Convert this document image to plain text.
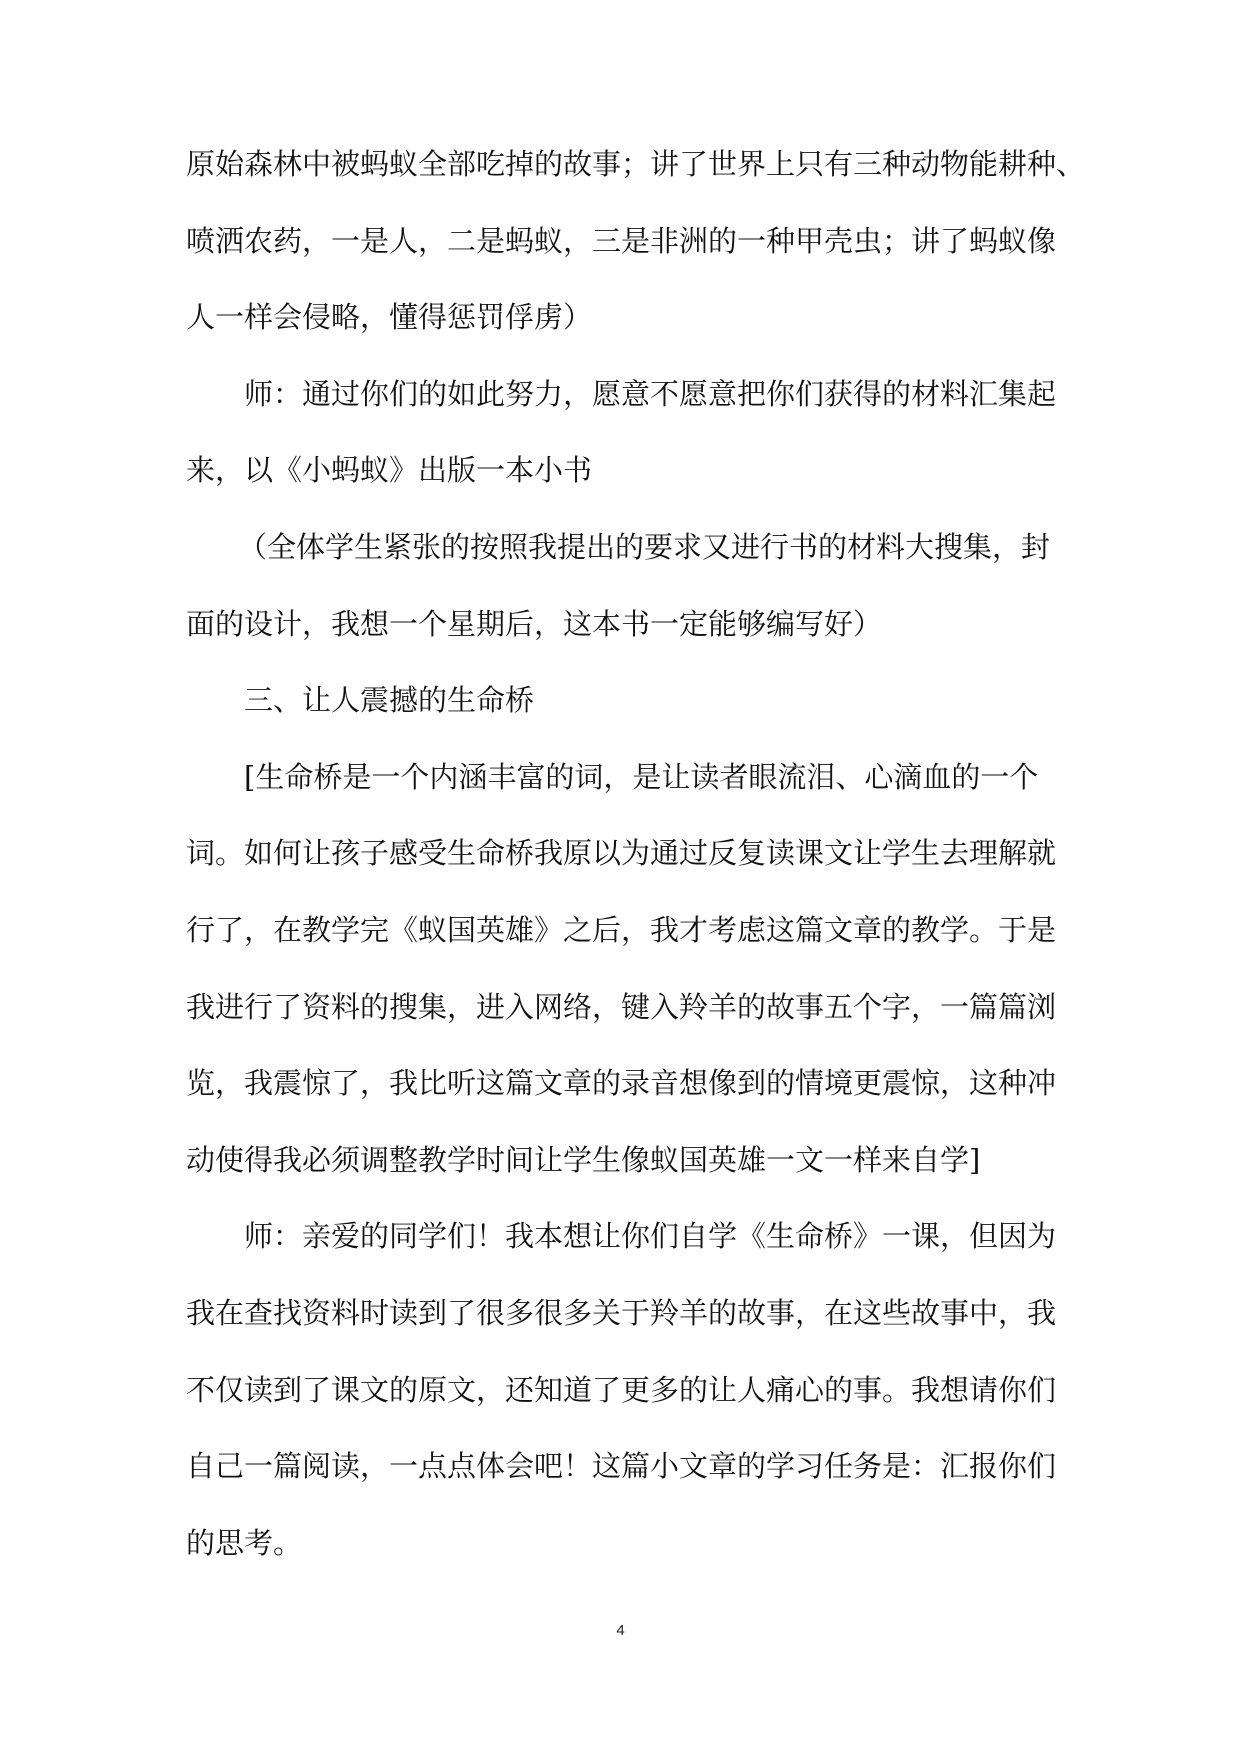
原始森林中被蚂蚁全部吃掉的故事；讲了世界上只有三种动物能耕种、
喷洒农药，一是人，二是蚂蚁，三是非洲的一种甲壳虫；讲了蚂蚁像
人一样会侵略，懂得惩罚俘虏）
师：通过你们的如此努力，愿意不愿意把你们获得的材料汇集起
来，以《小蚂蚁》出版一本小书
（全体学生紧张的按照我提出的要求又进行书的材料大搜集，封
面的设计，我想一个星期后，这本书一定能够编写好）
三、让人震撼的生命桥
[生命桥是一个内涵丰富的词，是让读者眼流泪、心滴血的一个
词。如何让孩子感受生命桥我原以为通过反复读课文让学生去理解就
行了，在教学完《蚁国英雄》之后，我才考虑这篇文章的教学。于是
我进行了资料的搜集，进入网络，键入羚羊的故事五个字，一篇篇浏
览，我震惊了，我比听这篇文章的录音想像到的情境更震惊，这种冲
动使得我必须调整教学时间让学生像蚁国英雄一文一样来自学]
师：亲爱的同学们！我本想让你们自学《生命桥》一课，但因为
我在查找资料时读到了很多很多关于羚羊的故事，在这些故事中，我
不仅读到了课文的原文，还知道了更多的让人痛心的事。我想请你们
自己一篇阅读，一点点体会吧！这篇小文章的学习任务是：汇报你们
的思考。
4
